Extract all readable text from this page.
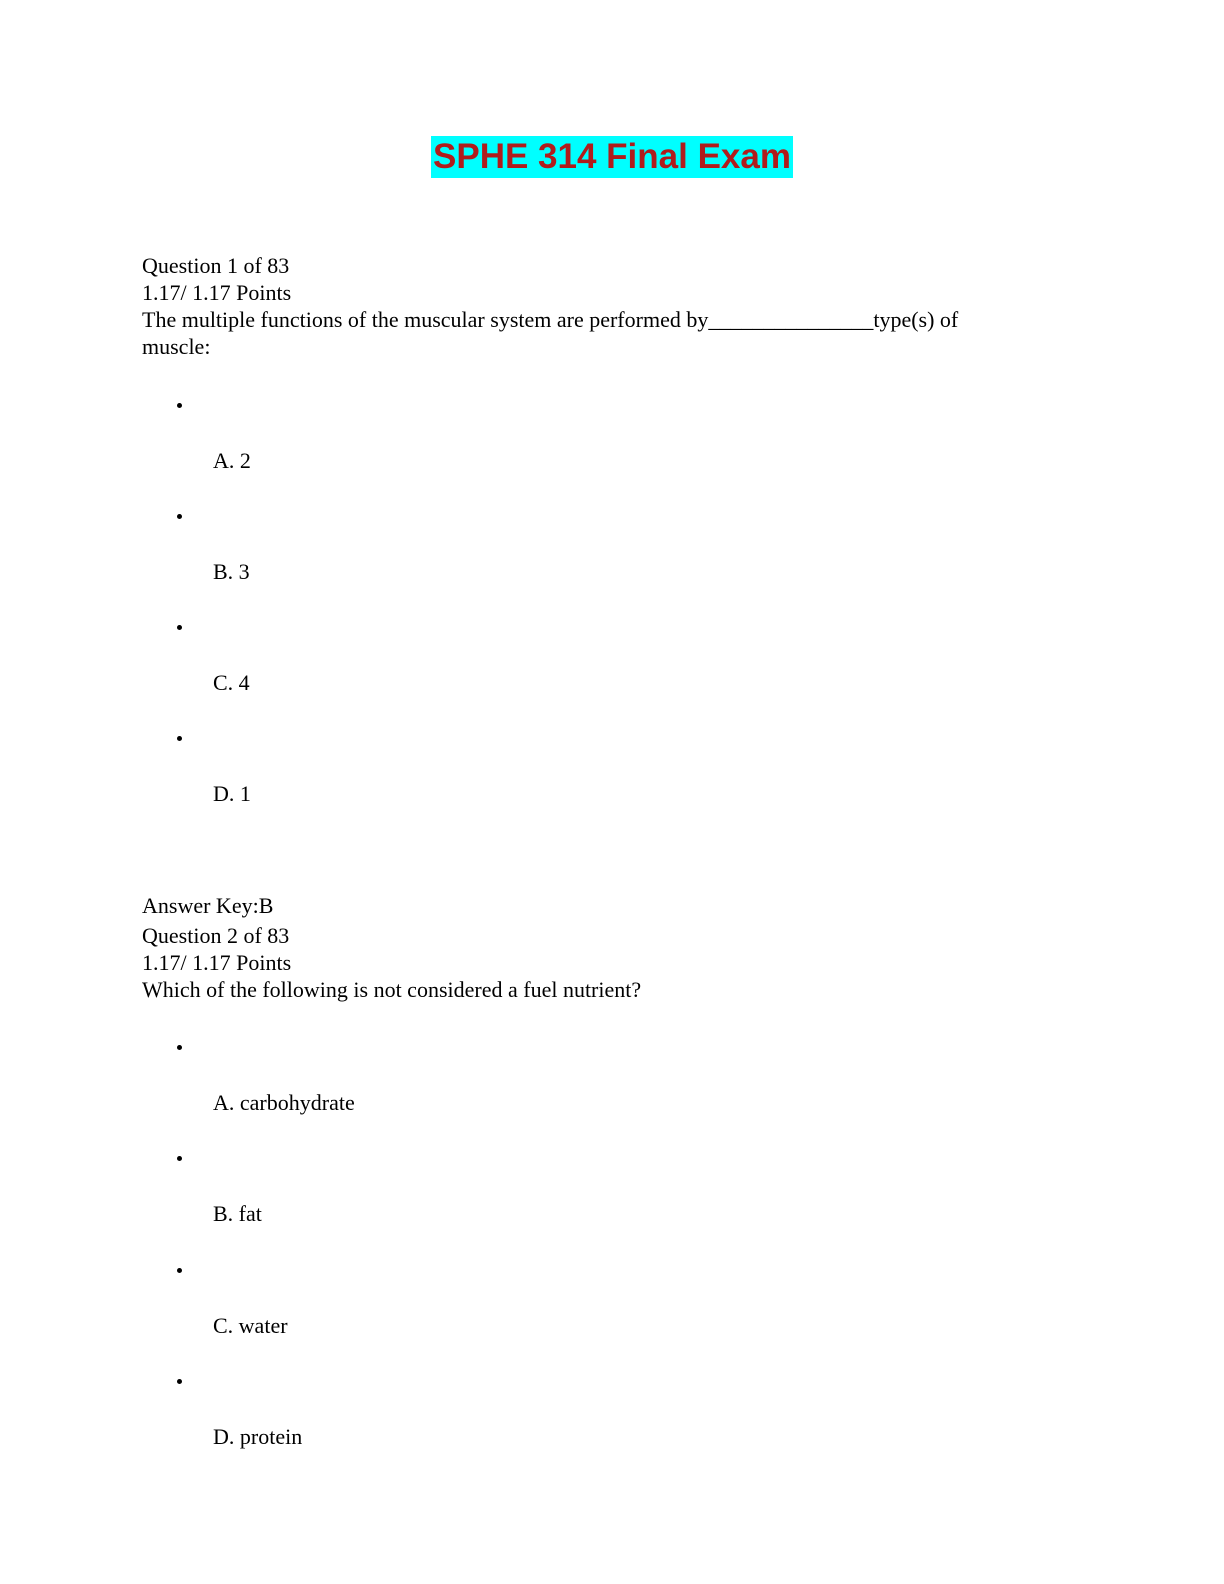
SPHE 314 Final Exam
Question 1 of 83
1.17/ 1.17 Points
The multiple functions of the muscular system are performed by_______________type(s) of muscle:
A. 2
B. 3
C. 4
D. 1
Answer Key:B
Question 2 of 83
1.17/ 1.17 Points
Which of the following is not considered a fuel nutrient?
A. carbohydrate
B. fat
C. water
D. protein
